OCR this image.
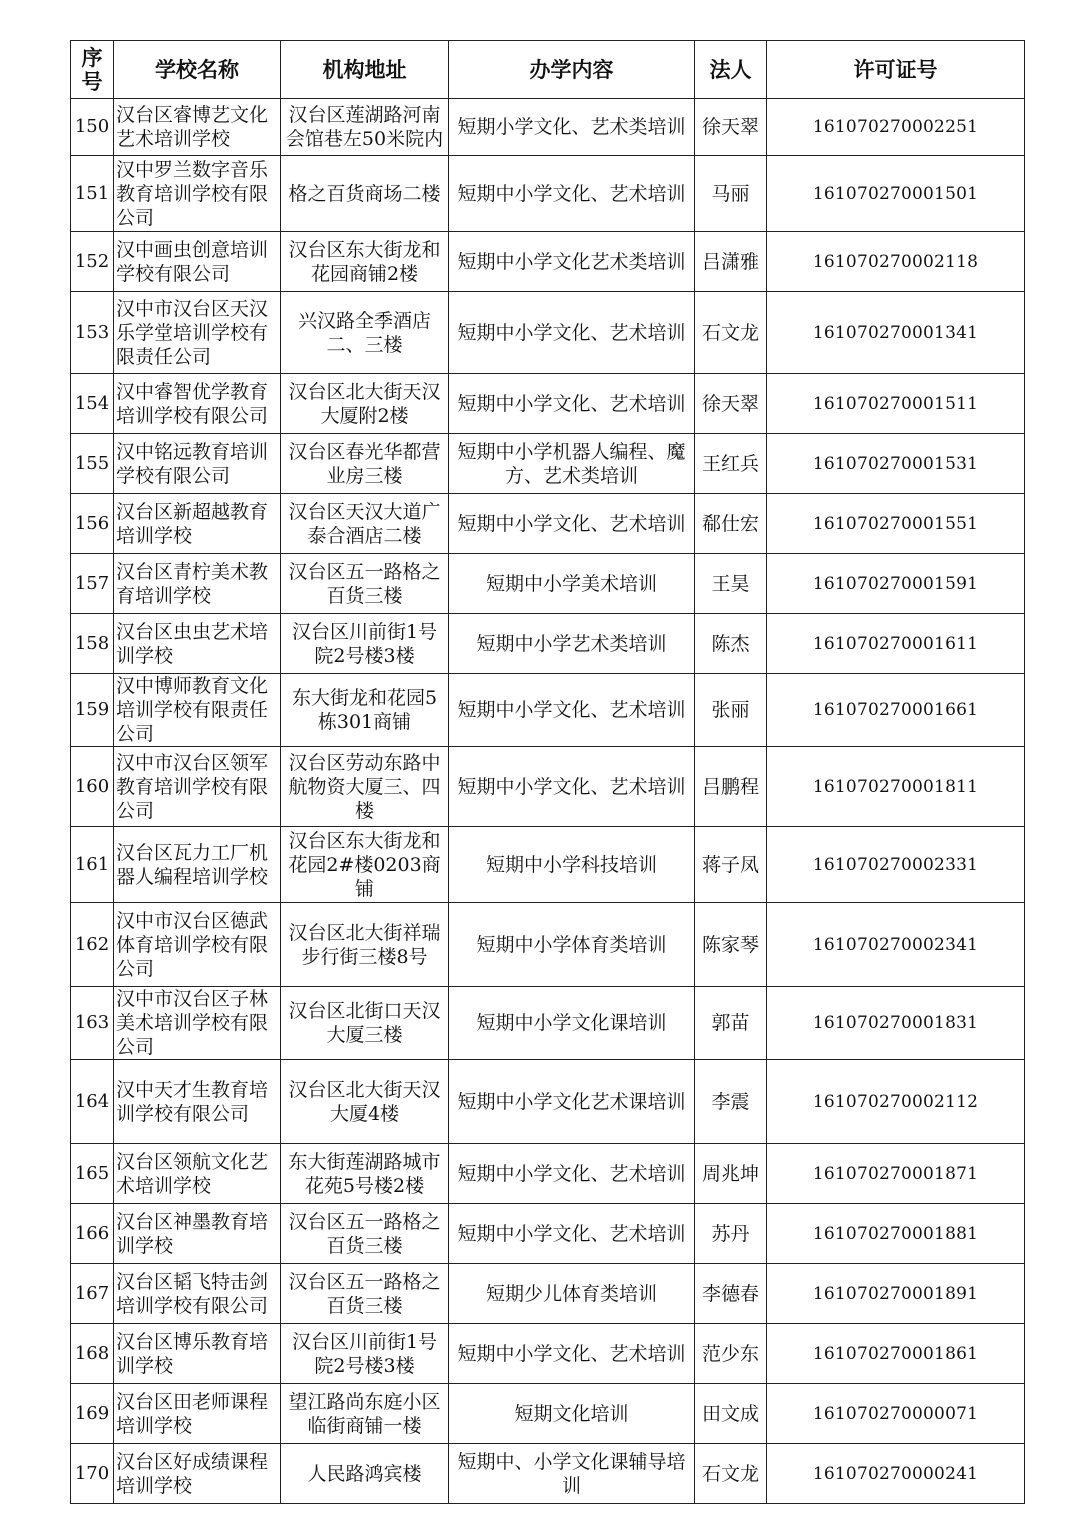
序号	学校名称	机构地址	办学内容	法人	许可证号
150	汉台区睿博艺文化艺术培训学校	汉台区莲湖路河南会馆巷左50米院内	短期小学文化、艺术类培训	徐天翠	161070270002251
151	汉中罗兰数字音乐教育培训学校有限公司	格之百货商场二楼	短期中小学文化、艺术培训	马丽	161070270001501
152	汉中画虫创意培训学校有限公司	汉台区东大街龙和花园商铺2楼	短期中小学文化艺术类培训	吕潇雅	161070270002118
153	汉中市汉台区天汉乐学堂培训学校有限责任公司	兴汉路全季酒店二、三楼	短期中小学文化、艺术培训	石文龙	161070270001341
154	汉中睿智优学教育培训学校有限公司	汉台区北大街天汉大厦附2楼	短期中小学文化、艺术培训	徐天翠	161070270001511
155	汉中铭远教育培训学校有限公司	汉台区春光华都营业房三楼	短期中小学机器人编程、魔方、艺术类培训	王红兵	161070270001531
156	汉台区新超越教育培训学校	汉台区天汉大道广泰合酒店二楼	短期中小学文化、艺术培训	郗仕宏	161070270001551
157	汉台区青柠美术教育培训学校	汉台区五一路格之百货三楼	短期中小学美术培训	王昊	161070270001591
158	汉台区虫虫艺术培训学校	汉台区川前街1号院2号楼3楼	短期中小学艺术类培训	陈杰	161070270001611
159	汉中博师教育文化培训学校有限责任公司	东大街龙和花园5栋301商铺	短期中小学文化、艺术培训	张丽	161070270001661
160	汉中市汉台区领军教育培训学校有限公司	汉台区劳动东路中航物资大厦三、四楼	短期中小学文化、艺术培训	吕鹏程	161070270001811
161	汉台区瓦力工厂机器人编程培训学校	汉台区东大街龙和花园2#楼0203商铺	短期中小学科技培训	蒋子凤	161070270002331
162	汉中市汉台区德武体育培训学校有限公司	汉台区北大街祥瑞步行街三楼8号	短期中小学体育类培训	陈家琴	161070270002341
163	汉中市汉台区子林美术培训学校有限公司	汉台区北街口天汉大厦三楼	短期中小学文化课培训	郭苗	161070270001831
164	汉中天才生教育培训学校有限公司	汉台区北大街天汉大厦4楼	短期中小学文化艺术课培训	李震	161070270002112
165	汉台区领航文化艺术培训学校	东大街莲湖路城市花苑5号楼2楼	短期中小学文化、艺术培训	周兆坤	161070270001871
166	汉台区神墨教育培训学校	汉台区五一路格之百货三楼	短期中小学文化、艺术培训	苏丹	161070270001881
167	汉台区韬飞特击剑培训学校有限公司	汉台区五一路格之百货三楼	短期少儿体育类培训	李德春	161070270001891
168	汉台区博乐教育培训学校	汉台区川前街1号院2号楼3楼	短期中小学文化、艺术培训	范少东	161070270001861
169	汉台区田老师课程培训学校	望江路尚东庭小区临街商铺一楼	短期文化培训	田文成	161070270000071
170	汉台区好成绩课程培训学校	人民路鸿宾楼	短期中、小学文化课辅导培训	石文龙	161070270000241
